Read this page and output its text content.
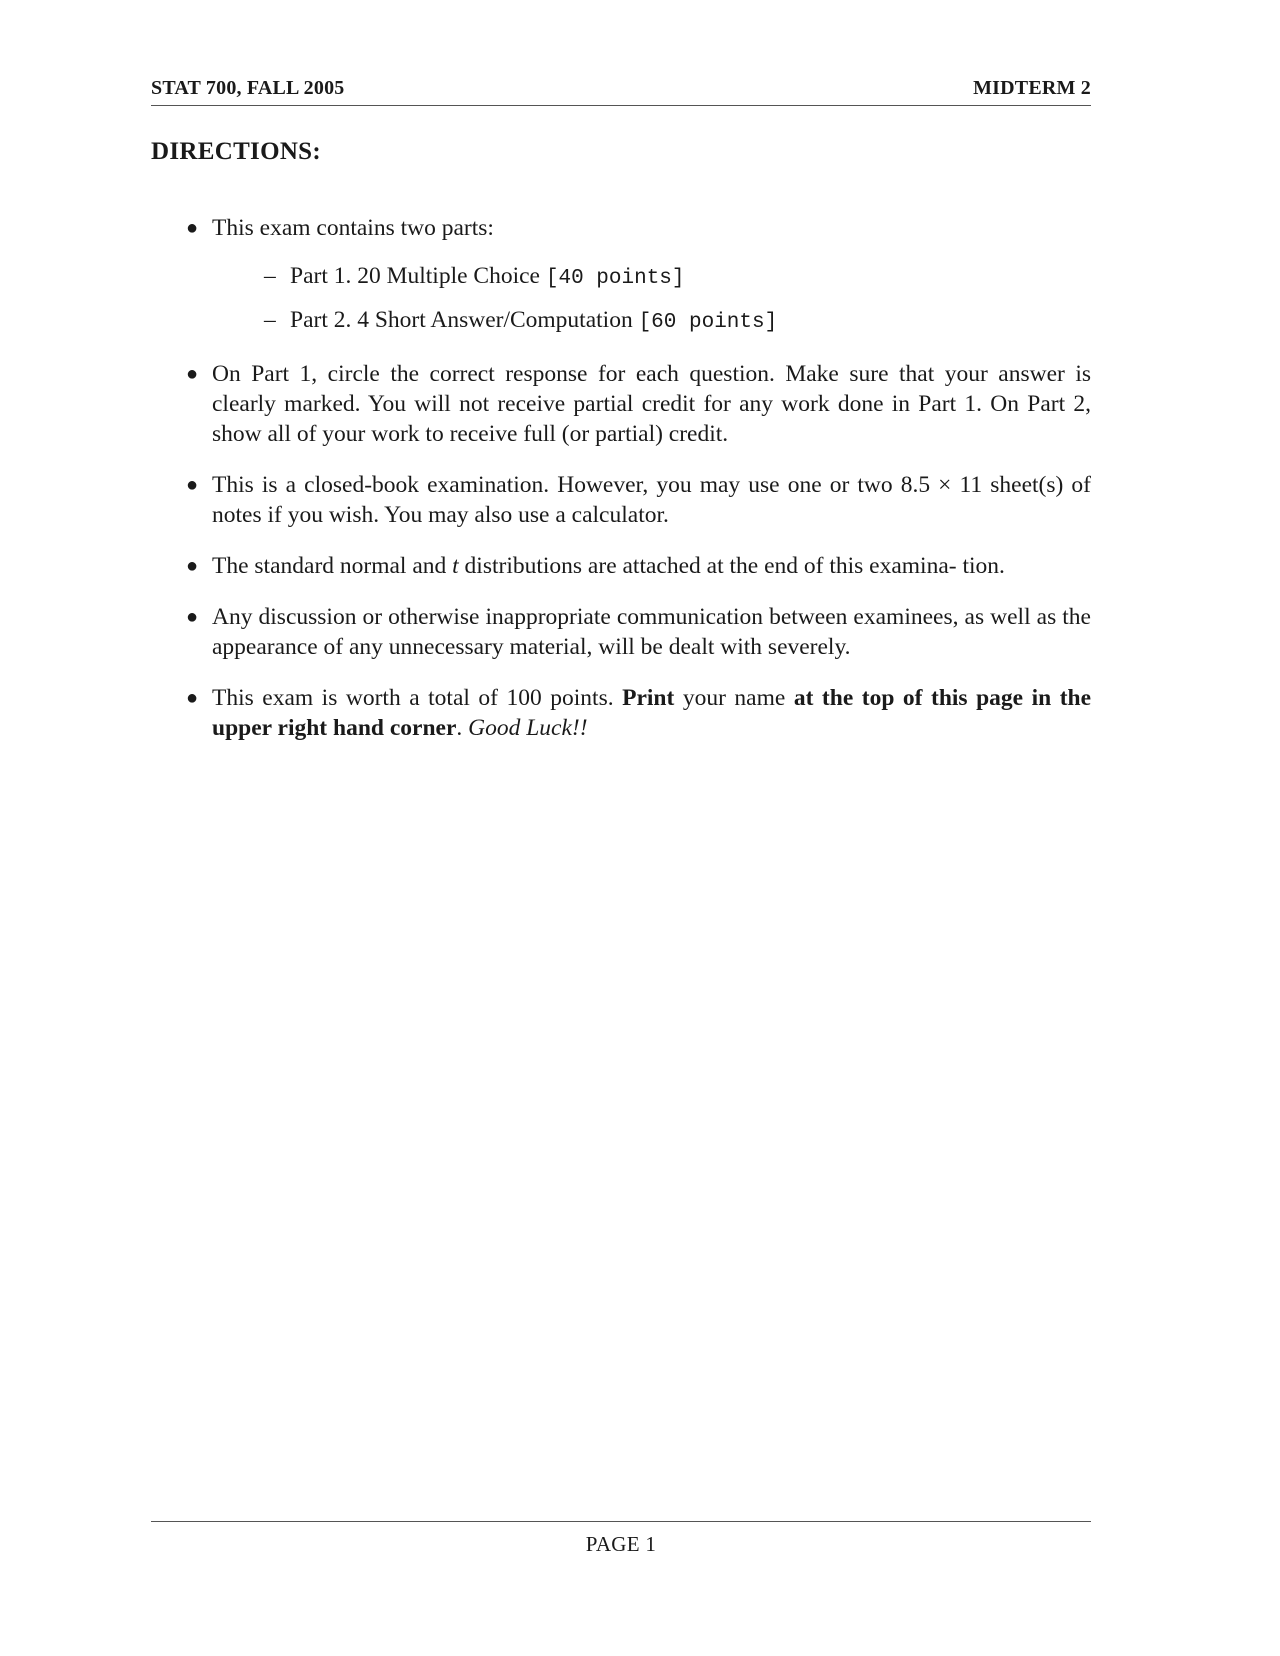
STAT 700, FALL 2005	MIDTERM 2
DIRECTIONS:
● This exam contains two parts:
– Part 1. 20 Multiple Choice [40 points]
– Part 2. 4 Short Answer/Computation [60 points]
● On Part 1, circle the correct response for each question. Make sure that your answer is clearly marked. You will not receive partial credit for any work done in Part 1. On Part 2, show all of your work to receive full (or partial) credit.
● This is a closed-book examination. However, you may use one or two 8.5 × 11 sheet(s) of notes if you wish. You may also use a calculator.
● The standard normal and t distributions are attached at the end of this examina- tion.
● Any discussion or otherwise inappropriate communication between examinees, as well as the appearance of any unnecessary material, will be dealt with severely.
● This exam is worth a total of 100 points. Print your name at the top of this page in the upper right hand corner. Good Luck!!
PAGE 1
